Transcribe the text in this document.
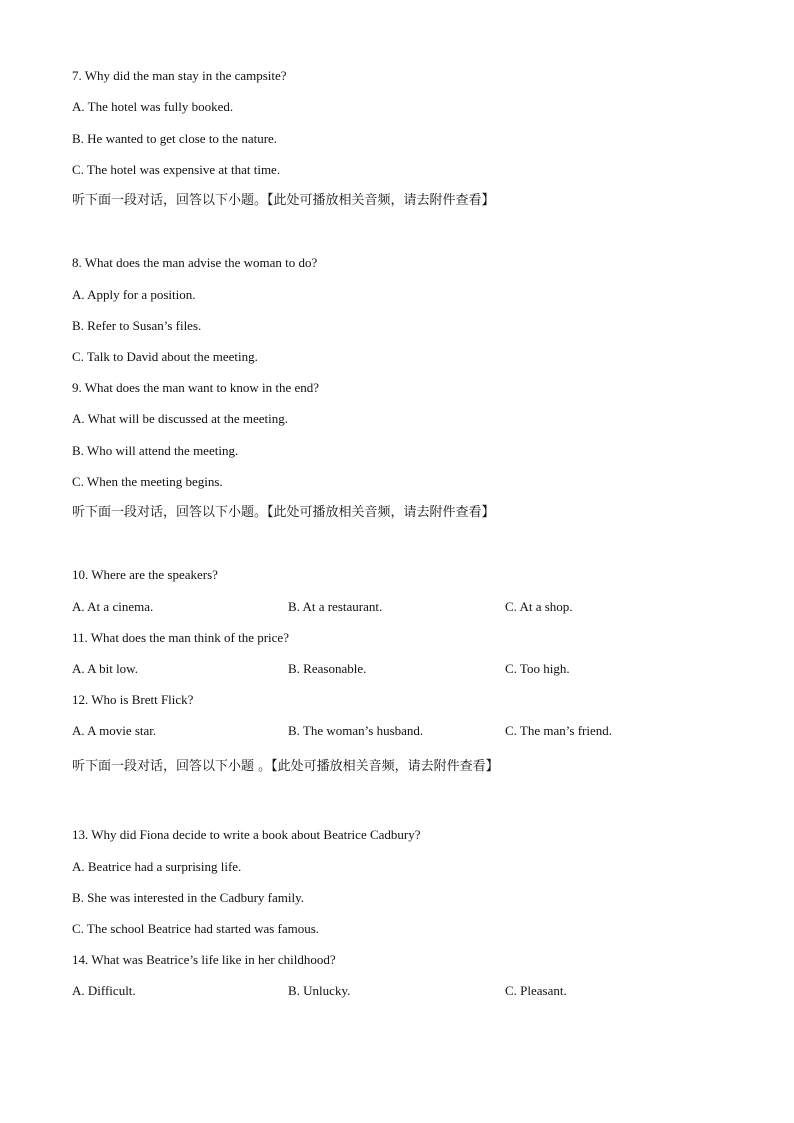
7. Why did the man stay in the campsite?
A. The hotel was fully booked.
B. He wanted to get close to the nature.
C. The hotel was expensive at that time.
听下面一段对话，回答以下小题。【此处可播放相关音频，请去附件查看】
8. What does the man advise the woman to do?
A. Apply for a position.
B. Refer to Susan’s files.
C. Talk to David about the meeting.
9. What does the man want to know in the end?
A. What will be discussed at the meeting.
B. Who will attend the meeting.
C. When the meeting begins.
听下面一段对话，回答以下小题。【此处可播放相关音频，请去附件查看】
10. Where are the speakers?
A. At a cinema.	B. At a restaurant.	C. At a shop.
11. What does the man think of the price?
A. A bit low.	B. Reasonable.	C. Too high.
12. Who is Brett Flick?
A. A movie star.	B. The woman’s husband.	C. The man’s friend.
听下面一段对话，回答以下小题 。【此处可播放相关音频，请去附件查看】
13. Why did Fiona decide to write a book about Beatrice Cadbury?
A. Beatrice had a surprising life.
B. She was interested in the Cadbury family.
C. The school Beatrice had started was famous.
14. What was Beatrice’s life like in her childhood?
A. Difficult.	B. Unlucky.	C. Pleasant.
